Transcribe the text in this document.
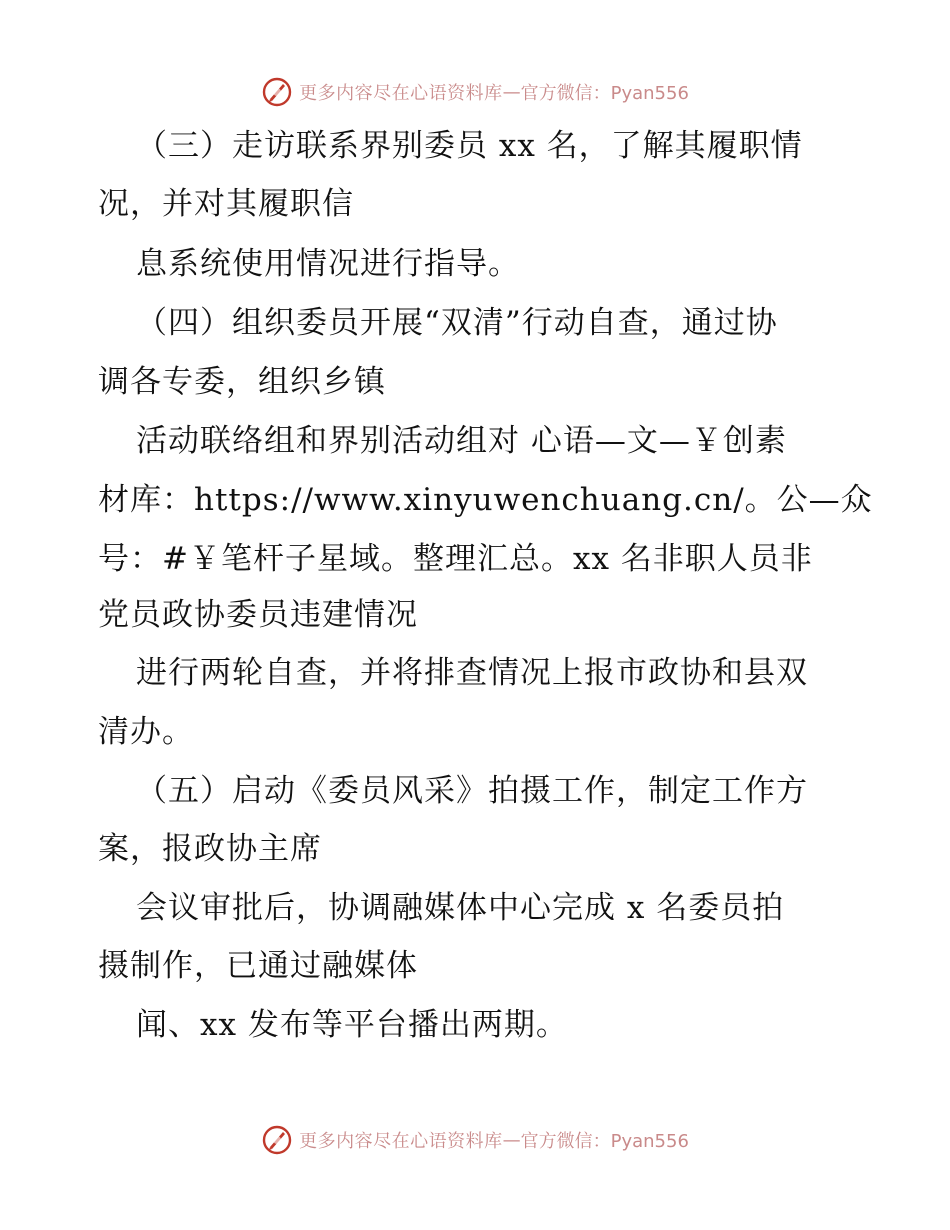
更多内容尽在心语资料库 — 官方微信：Pyan556
（三）走访联系界别委员 xx 名，了解其履职情
况，并对其履职信
息系统使用情况进行指导。
（四）组织委员开展“双清”行动自查，通过协
调各专委，组织乡镇
活动联络组和界别活动组对 心语—文—￥创素
材库：https://www.xinyuwenchuang.cn/。公—众
号：#￥笔杆子星域。整理汇总。xx 名非职人员非
党员政协委员违建情况
进行两轮自查，并将排查情况上报市政协和县双
清办。
（五）启动《委员风采》拍摄工作，制定工作方
案，报政协主席
会议审批后，协调融媒体中心完成 x 名委员拍
摄制作，已通过融媒体
闻、xx 发布等平台播出两期。
更多内容尽在心语资料库 — 官方微信：Pyan556
